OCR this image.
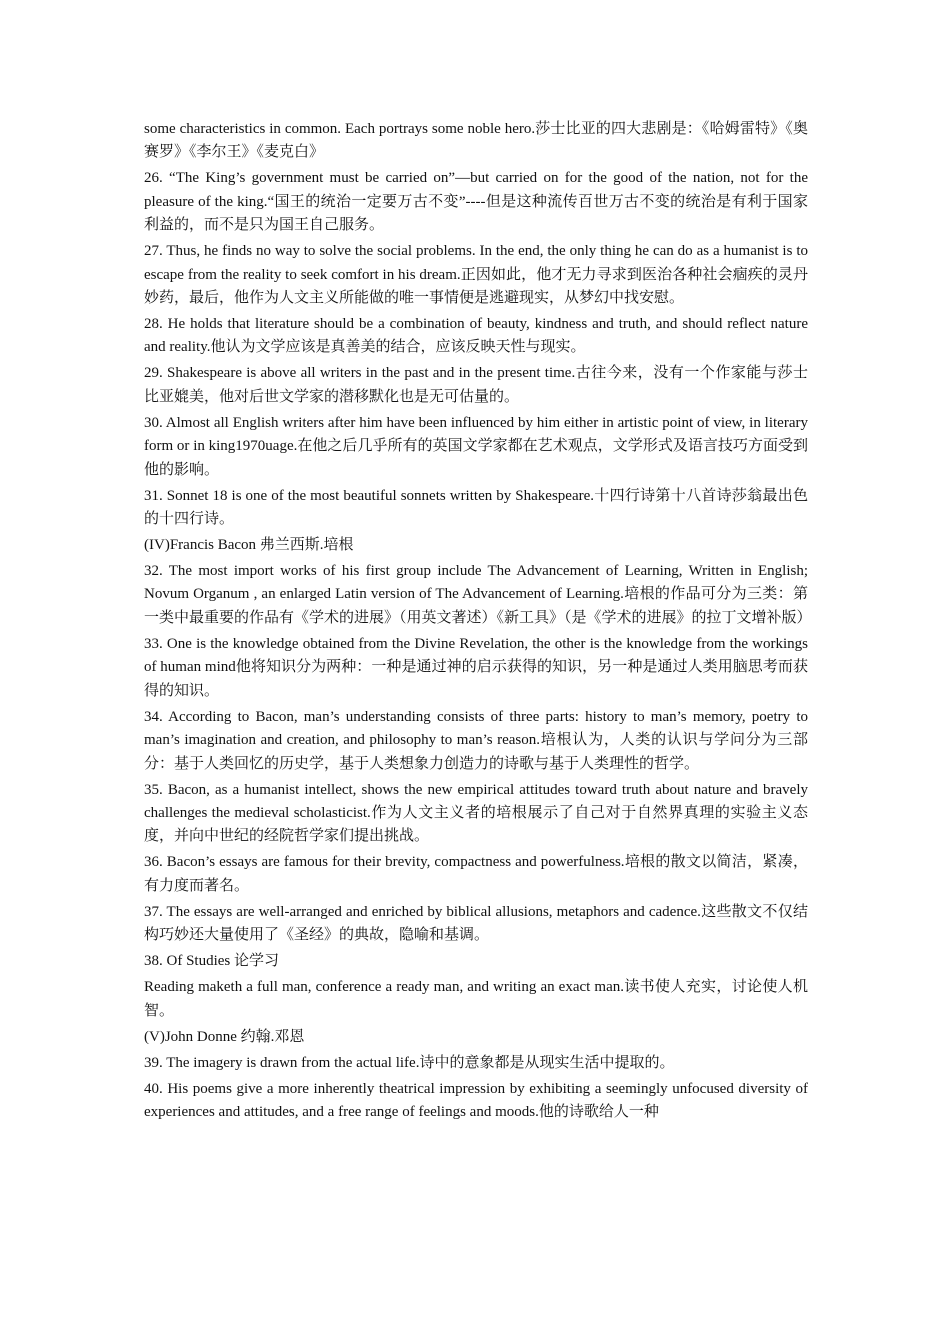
some characteristics in common. Each portrays some noble hero.莎士比亚的四大悲剧是：《哈姆雷特》《奥赛罗》《李尔王》《麦克白》

26. “The King’s government must be carried on”—but carried on for the good of the nation, not for the pleasure of the king.“国王的统治一定要万古不变”----但是这种流传百世万古不变的统治是有利于国家利益的，而不是只为国王自己服务。

27. Thus, he finds no way to solve the social problems. In the end, the only thing he can do as a humanist is to escape from the reality to seek comfort in his dream.正因如此，他才无力寻求到医治各种社会痼疾的灵丹妙药，最后，他作为人文主义所能做的唯一事情便是逃避现实，从梦幻中找安慰。

28. He holds that literature should be a combination of beauty, kindness and truth, and should reflect nature and reality.他认为文学应该是真善美的结合，应该反映天性与现实。

29. Shakespeare is above all writers in the past and in the present time.古往今来，没有一个作家能与莎士比亚媲美，他对后世文学家的潜移默化也是无可估量的。

30. Almost all English writers after him have been influenced by him either in artistic point of view, in literary form or in king1970uage.在他之后几乎所有的英国文学家都在艺术观点，文学形式及语言技巧方面受到他的影响。

31. Sonnet 18 is one of the most beautiful sonnets written by Shakespeare.十四行诗第十八首诗莎翁最出色的十四行诗。

(IV)Francis Bacon 弗兰西斯.培根

32. The most import works of his first group include The Advancement of Learning, Written in English; Novum Organum , an enlarged Latin version of The Advancement of Learning.培根的作品可分为三类：第一类中最重要的作品有《学术的进展》（用英文著述）《新工具》（是《学术的进展》的拉丁文增补版）

33. One is the knowledge obtained from the Divine Revelation, the other is the knowledge from the workings of human mind他将知识分为两种：一种是通过神的启示获得的知识，另一种是通过人类用脑思考而获得的知识。

34. According to Bacon, man’s understanding consists of three parts: history to man’s memory, poetry to man’s imagination and creation, and philosophy to man’s reason.培根认为，人类的认识与学问分为三部分：基于人类回忆的历史学，基于人类想象力创造力的诗歌与基于人类理性的哲学。

35. Bacon, as a humanist intellect, shows the new empirical attitudes toward truth about nature and bravely challenges the medieval scholasticist.作为人文主义者的培根展示了自己对于自然界真理的实验主义态度，并向中世纪的经院哲学家们提出挑战。

36. Bacon’s essays are famous for their brevity, compactness and powerfulness.培根的散文以简洁，紧凑，有力度而著名。

37. The essays are well-arranged and enriched by biblical allusions, metaphors and cadence.这些散文不仅结构巧妙还大量使用了《圣经》的典故，隐喻和基调。

38. Of Studies 论学习

Reading maketh a full man, conference a ready man, and writing an exact man.读书使人充实，讨论使人机智。

(V)John Donne 约翰.邓恩

39. The imagery is drawn from the actual life.诗中的意象都是从现实生活中提取的。

40. His poems give a more inherently theatrical impression by exhibiting a seemingly unfocused diversity of experiences and attitudes, and a free range of feelings and moods.他的诗歌给人一种
